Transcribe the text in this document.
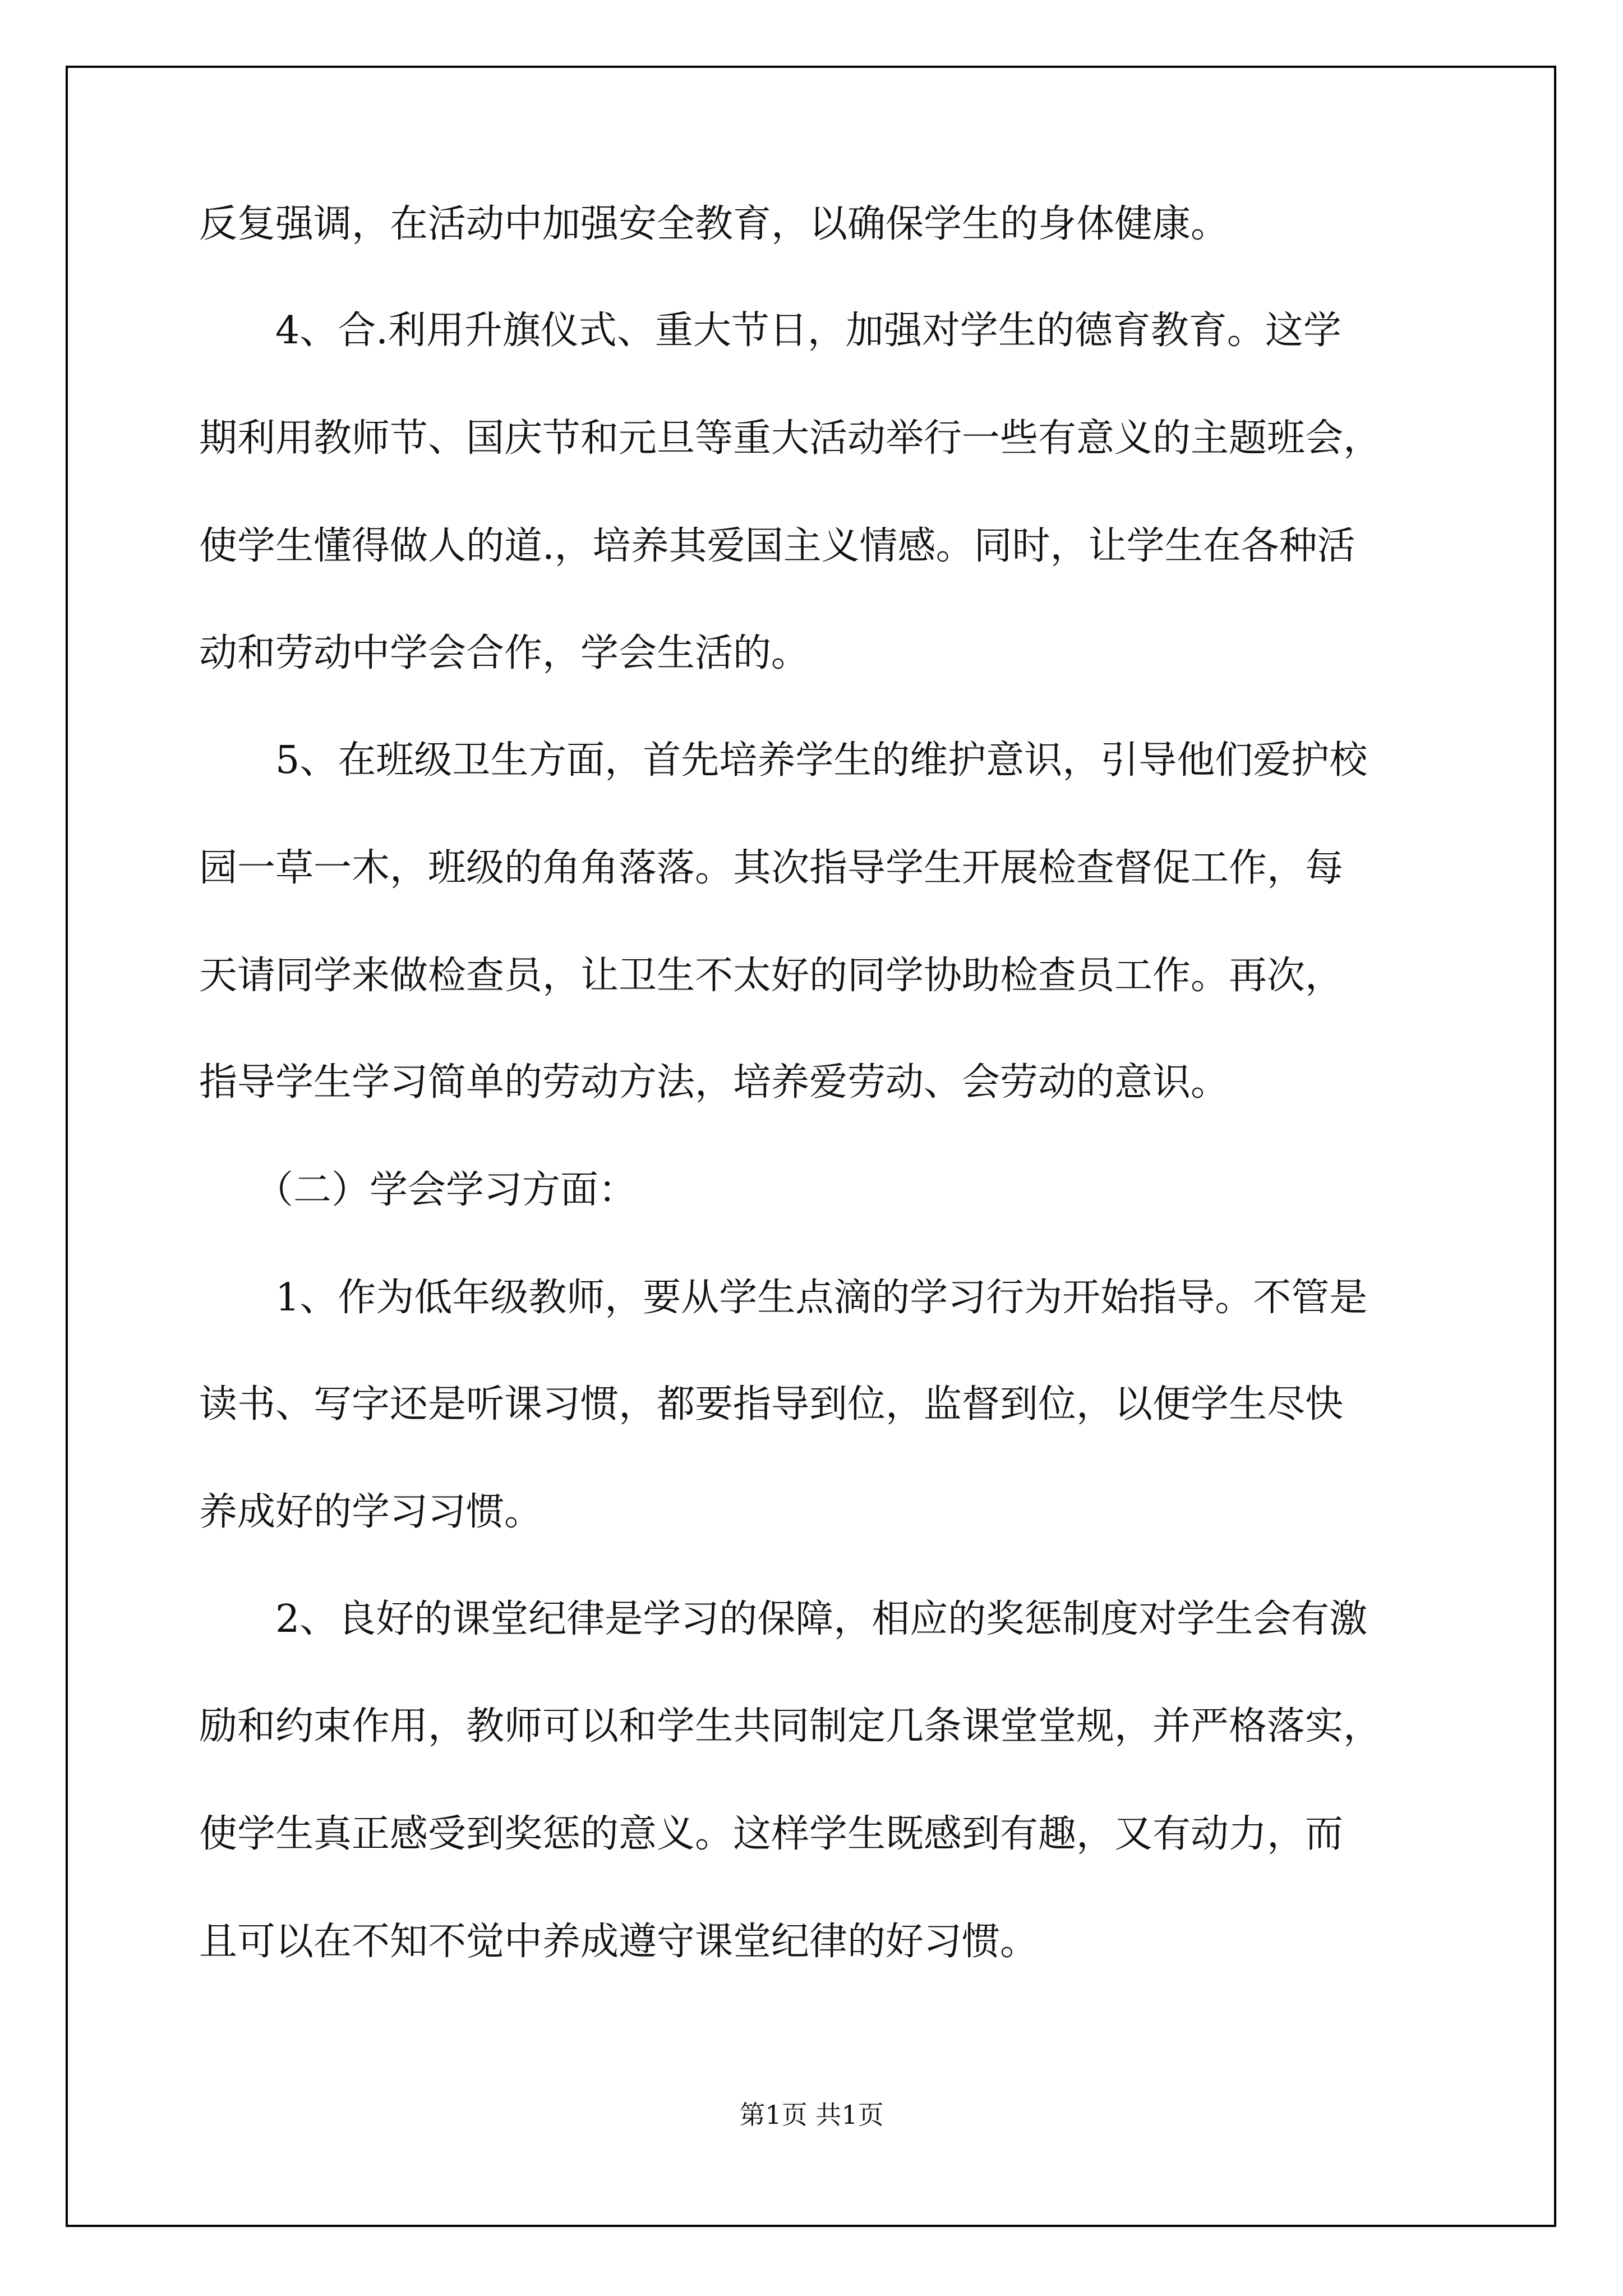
反复强调，在活动中加强安全教育，以确保学生的身体健康。
4、合.利用升旗仪式、重大节日，加强对学生的德育教育。这学
期利用教师节、国庆节和元旦等重大活动举行一些有意义的主题班会，
使学生懂得做人的道.，培养其爱国主义情感。同时，让学生在各种活
动和劳动中学会合作，学会生活的。
5、在班级卫生方面，首先培养学生的维护意识，引导他们爱护校
园一草一木，班级的角角落落。其次指导学生开展检查督促工作，每
天请同学来做检查员，让卫生不太好的同学协助检查员工作。再次，
指导学生学习简单的劳动方法，培养爱劳动、会劳动的意识。
（二）学会学习方面：
1、作为低年级教师，要从学生点滴的学习行为开始指导。不管是
读书、写字还是听课习惯，都要指导到位，监督到位，以便学生尽快
养成好的学习习惯。
2、良好的课堂纪律是学习的保障，相应的奖惩制度对学生会有激
励和约束作用，教师可以和学生共同制定几条课堂堂规，并严格落实，
使学生真正感受到奖惩的意义。这样学生既感到有趣，又有动力，而
且可以在不知不觉中养成遵守课堂纪律的好习惯。
第1页 共1页
